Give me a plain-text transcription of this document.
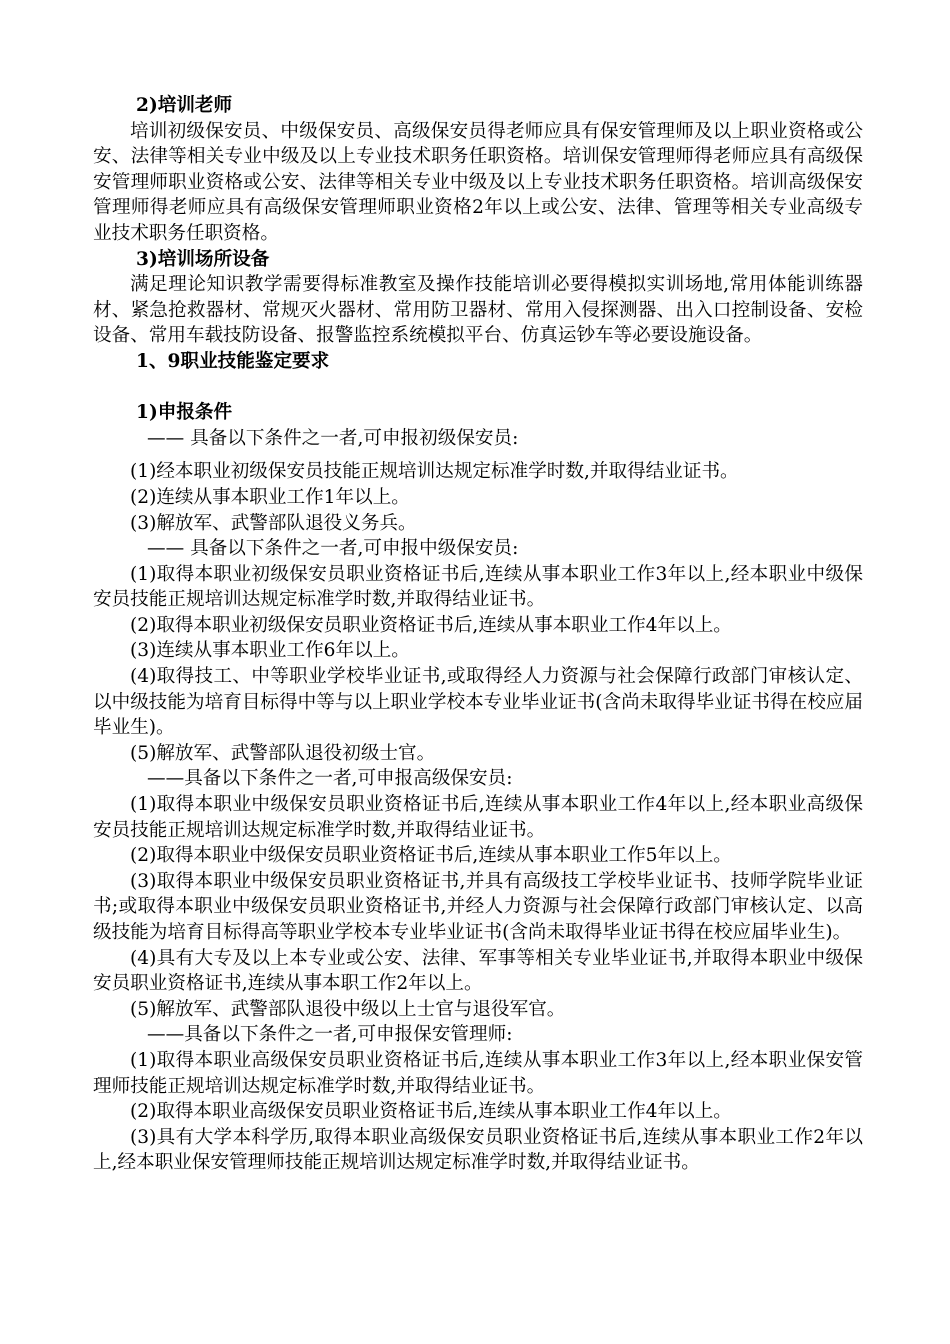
2)培训老师

培训初级保安员、中级保安员、高级保安员得老师应具有保安管理师及以上职业资格或公安、法律等相关专业中级及以上专业技术职务任职资格。培训保安管理师得老师应具有高级保安管理师职业资格或公安、法律等相关专业中级及以上专业技术职务任职资格。培训高级保安管理师得老师应具有高级保安管理师职业资格2年以上或公安、法律、管理等相关专业高级专业技术职务任职资格。

3)培训场所设备

满足理论知识教学需要得标准教室及操作技能培训必要得模拟实训场地,常用体能训练器材、紧急抢救器材、常规灭火器材、常用防卫器材、常用入侵探测器、出入口控制设备、安检设备、常用车载技防设备、报警监控系统模拟平台、仿真运钞车等必要设施设备。

1、9职业技能鉴定要求

1)申报条件

—— 具备以下条件之一者,可申报初级保安员:

(1)经本职业初级保安员技能正规培训达规定标准学时数,并取得结业证书。

(2)连续从事本职业工作1年以上。

(3)解放军、武警部队退役义务兵。

—— 具备以下条件之一者,可申报中级保安员:

(1)取得本职业初级保安员职业资格证书后,连续从事本职业工作3年以上,经本职业中级保安员技能正规培训达规定标准学时数,并取得结业证书。

(2)取得本职业初级保安员职业资格证书后,连续从事本职业工作4年以上。

(3)连续从事本职业工作6年以上。

(4)取得技工、中等职业学校毕业证书,或取得经人力资源与社会保障行政部门审核认定、以中级技能为培育目标得中等与以上职业学校本专业毕业证书(含尚未取得毕业证书得在校应届毕业生)。

(5)解放军、武警部队退役初级士官。

——具备以下条件之一者,可申报高级保安员:

(1)取得本职业中级保安员职业资格证书后,连续从事本职业工作4年以上,经本职业高级保安员技能正规培训达规定标准学时数,并取得结业证书。

(2)取得本职业中级保安员职业资格证书后,连续从事本职业工作5年以上。

(3)取得本职业中级保安员职业资格证书,并具有高级技工学校毕业证书、技师学院毕业证书;或取得本职业中级保安员职业资格证书,并经人力资源与社会保障行政部门审核认定、以高级技能为培育目标得高等职业学校本专业毕业证书(含尚未取得毕业证书得在校应届毕业生)。

(4)具有大专及以上本专业或公安、法律、军事等相关专业毕业证书,并取得本职业中级保安员职业资格证书,连续从事本职工作2年以上。

(5)解放军、武警部队退役中级以上士官与退役军官。

——具备以下条件之一者,可申报保安管理师:

(1)取得本职业高级保安员职业资格证书后,连续从事本职业工作3年以上,经本职业保安管理师技能正规培训达规定标准学时数,并取得结业证书。

(2)取得本职业高级保安员职业资格证书后,连续从事本职业工作4年以上。

(3)具有大学本科学历,取得本职业高级保安员职业资格证书后,连续从事本职业工作2年以上,经本职业保安管理师技能正规培训达规定标准学时数,并取得结业证书。
